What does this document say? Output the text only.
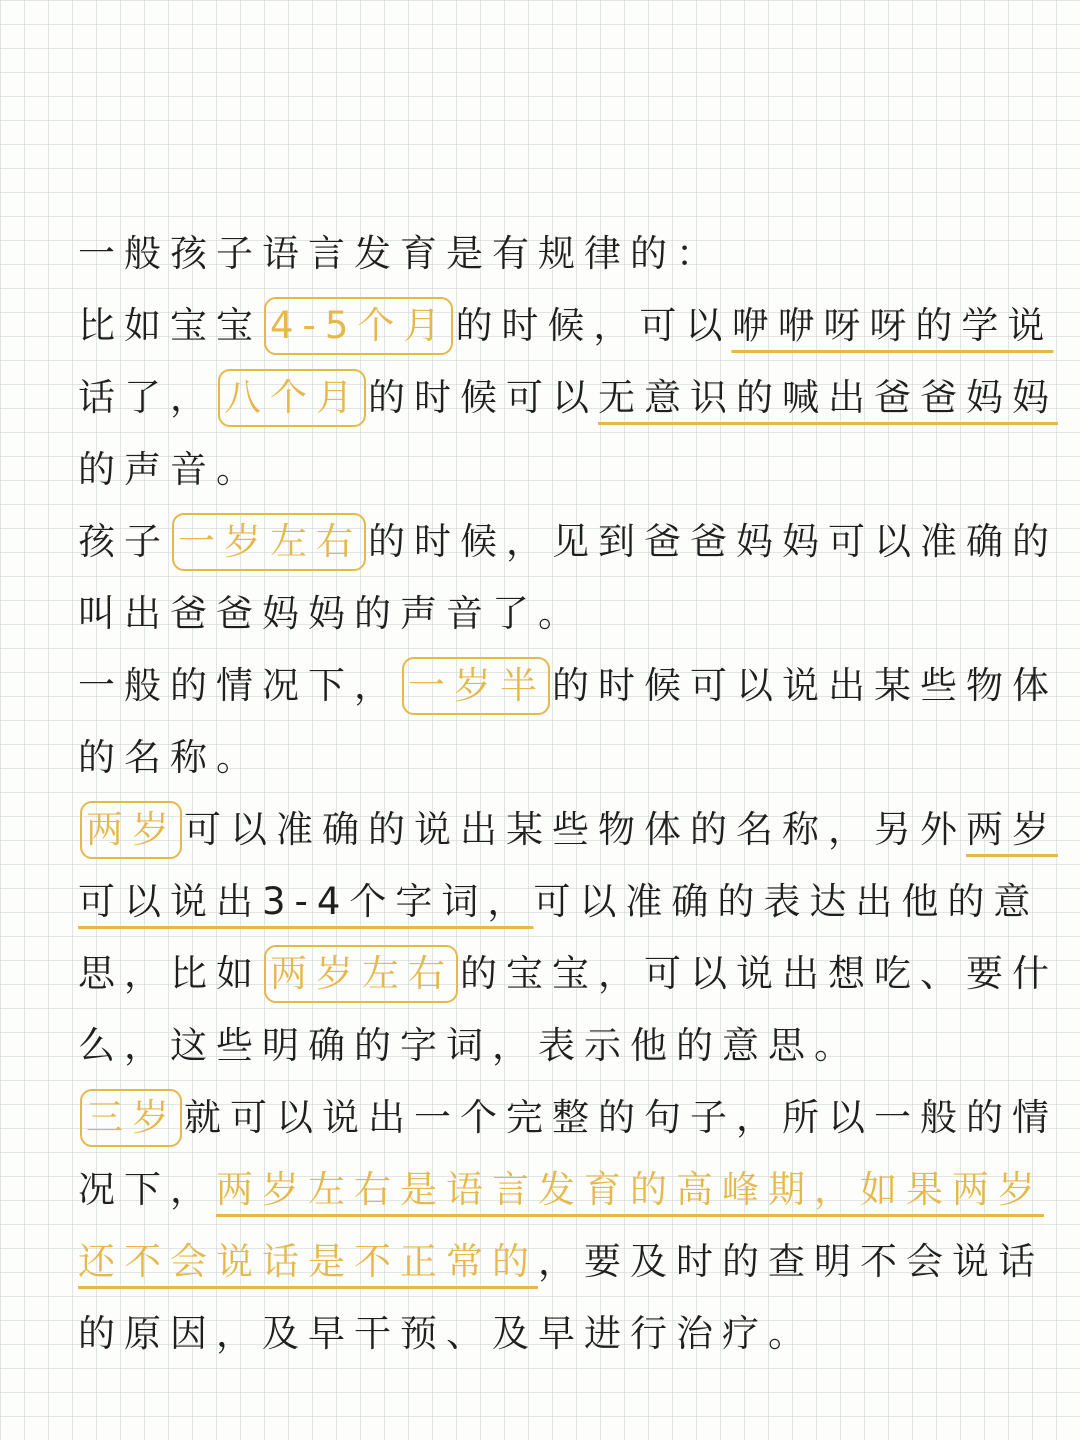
一般孩子语言发育是有规律的：
比如宝宝 4-5个月 的时候，可以咿咿呀呀的学说
话了， 八个月 的时候可以无意识的喊出爸爸妈妈
的声音。
孩子 一岁左右 的时候，见到爸爸妈妈可以准确的
叫出爸爸妈妈的声音了。
一般的情况下， 一岁半 的时候可以说出某些物体
的名称。
两岁 可以准确的说出某些物体的名称，另外两岁
可以说出3-4个字词，可以准确的表达出他的意
思，比如 两岁左右 的宝宝，可以说出想吃、要什
么，这些明确的字词，表示他的意思。
三岁 就可以说出一个完整的句子，所以一般的情
况下，两岁左右是语言发育的高峰期，如果两岁
还不会说话是不正常的，要及时的查明不会说话
的原因，及早干预、及早进行治疗。
